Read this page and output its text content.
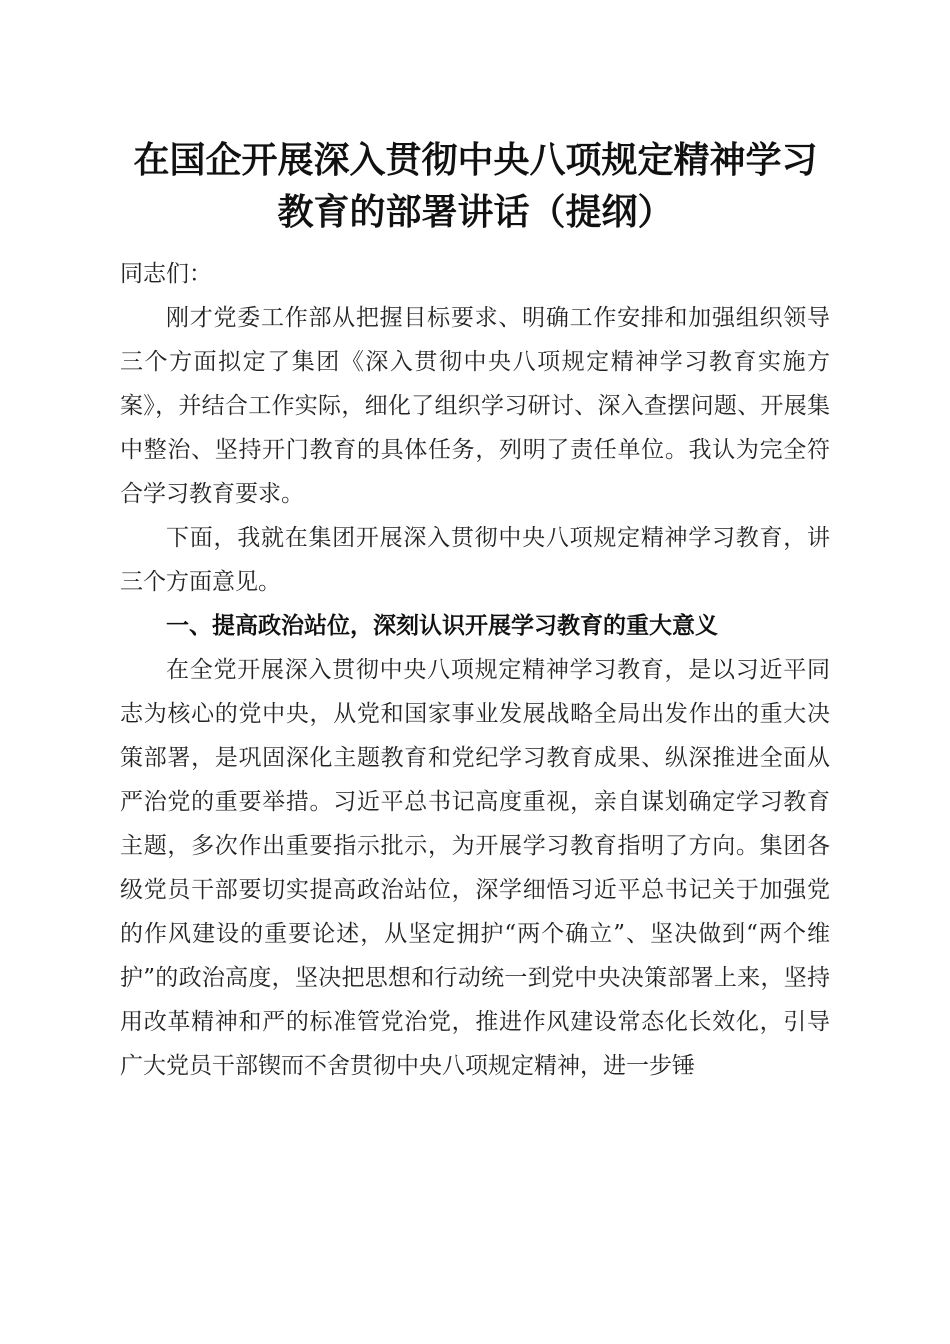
在国企开展深入贯彻中央八项规定精神学习教育的部署讲话（提纲）

同志们：

刚才党委工作部从把握目标要求、明确工作安排和加强组织领导三个方面拟定了集团《深入贯彻中央八项规定精神学习教育实施方案》，并结合工作实际，细化了组织学习研讨、深入查摆问题、开展集中整治、坚持开门教育的具体任务，列明了责任单位。我认为完全符合学习教育要求。

下面，我就在集团开展深入贯彻中央八项规定精神学习教育，讲三个方面意见。

一、提高政治站位，深刻认识开展学习教育的重大意义

在全党开展深入贯彻中央八项规定精神学习教育，是以习近平同志为核心的党中央，从党和国家事业发展战略全局出发作出的重大决策部署，是巩固深化主题教育和党纪学习教育成果、纵深推进全面从严治党的重要举措。习近平总书记高度重视，亲自谋划确定学习教育主题，多次作出重要指示批示，为开展学习教育指明了方向。集团各级党员干部要切实提高政治站位，深学细悟习近平总书记关于加强党的作风建设的重要论述，从坚定拥护“两个确立”、坚决做到“两个维护”的政治高度，坚决把思想和行动统一到党中央决策部署上来，坚持用改革精神和严的标准管党治党，推进作风建设常态化长效化，引导广大党员干部锲而不舍贯彻中央八项规定精神，进一步锤
